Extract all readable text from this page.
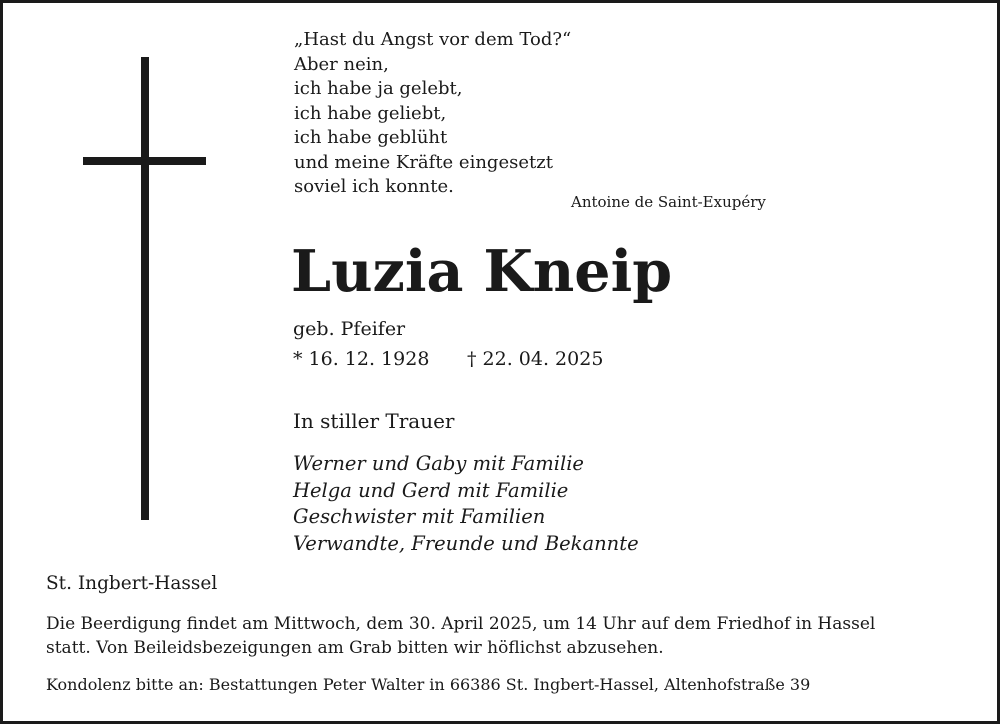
„Hast du Angst vor dem Tod?“
Aber nein,
ich habe ja gelebt,
ich habe geliebt,
ich habe geblüht
und meine Kräfte eingesetzt
soviel ich konnte.
Antoine de Saint-Exupéry
Luzia Kneip
geb. Pfeifer
* 16. 12. 1928 † 22. 04. 2025
In stiller Trauer
Werner und Gaby mit Familie
Helga und Gerd mit Familie
Geschwister mit Familien
Verwandte, Freunde und Bekannte
St. Ingbert-Hassel
Die Beerdigung findet am Mittwoch, dem 30. April 2025, um 14 Uhr auf dem Friedhof in Hassel
statt. Von Beileidsbezeigungen am Grab bitten wir höflichst abzusehen.
Kondolenz bitte an: Bestattungen Peter Walter in 66386 St. Ingbert-Hassel, Altenhofstraße 39
